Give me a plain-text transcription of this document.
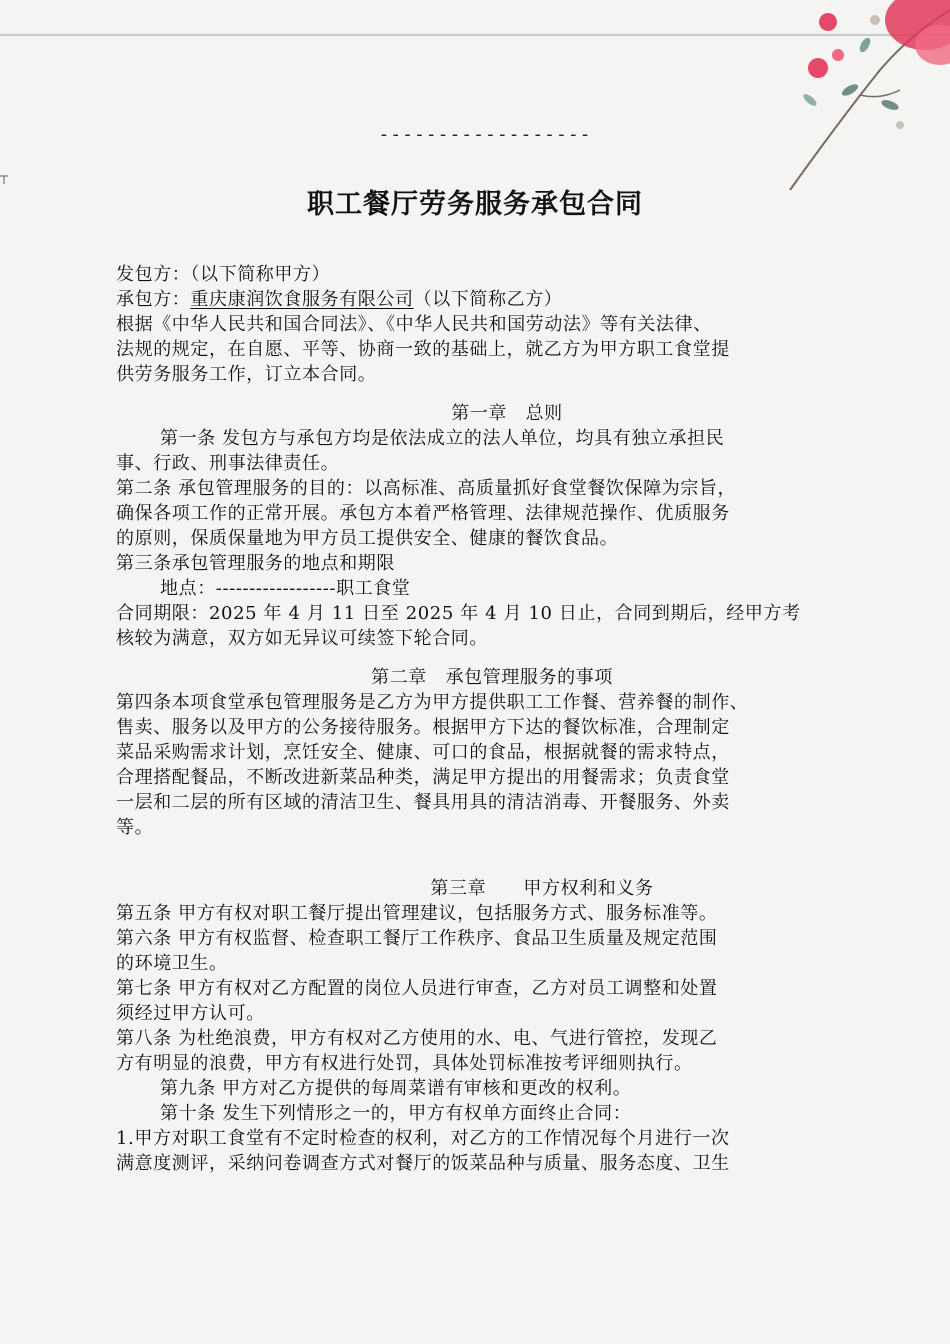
------------------
职工餐厅劳务服务承包合同
发包方：（以下简称甲方）
承包方：重庆康润饮食服务有限公司（以下简称乙方）
根据《中华人民共和国合同法》、《中华人民共和国劳动法》等有关法律、
法规的规定，在自愿、平等、协商一致的基础上，就乙方为甲方职工食堂提
供劳务服务工作，订立本合同。
第一章　总则
第一条 发包方与承包方均是依法成立的法人单位，均具有独立承担民
事、行政、刑事法律责任。
第二条 承包管理服务的目的：以高标准、高质量抓好食堂餐饮保障为宗旨，
确保各项工作的正常开展。承包方本着严格管理、法律规范操作、优质服务
的原则，保质保量地为甲方员工提供安全、健康的餐饮食品。
第三条承包管理服务的地点和期限
地点：------------------职工食堂
合同期限：2025 年 4 月 11 日至 2025 年 4 月 10 日止，合同到期后，经甲方考
核较为满意，双方如无异议可续签下轮合同。
第二章　承包管理服务的事项
第四条本项食堂承包管理服务是乙方为甲方提供职工工作餐、营养餐的制作、
售卖、服务以及甲方的公务接待服务。根据甲方下达的餐饮标准，合理制定
菜品采购需求计划，烹饪安全、健康、可口的食品，根据就餐的需求特点，
合理搭配餐品，不断改进新菜品种类，满足甲方提出的用餐需求；负责食堂
一层和二层的所有区域的清洁卫生、餐具用具的清洁消毒、开餐服务、外卖
等。
第三章　　甲方权利和义务
第五条 甲方有权对职工餐厅提出管理建议，包括服务方式、服务标准等。
第六条 甲方有权监督、检查职工餐厅工作秩序、食品卫生质量及规定范围
的环境卫生。
第七条 甲方有权对乙方配置的岗位人员进行审查，乙方对员工调整和处置
须经过甲方认可。
第八条 为杜绝浪费，甲方有权对乙方使用的水、电、气进行管控，发现乙
方有明显的浪费，甲方有权进行处罚，具体处罚标准按考评细则执行。
第九条 甲方对乙方提供的每周菜谱有审核和更改的权利。
第十条 发生下列情形之一的，甲方有权单方面终止合同：
1.甲方对职工食堂有不定时检查的权利，对乙方的工作情况每个月进行一次
满意度测评，采纳问卷调查方式对餐厅的饭菜品种与质量、服务态度、卫生
